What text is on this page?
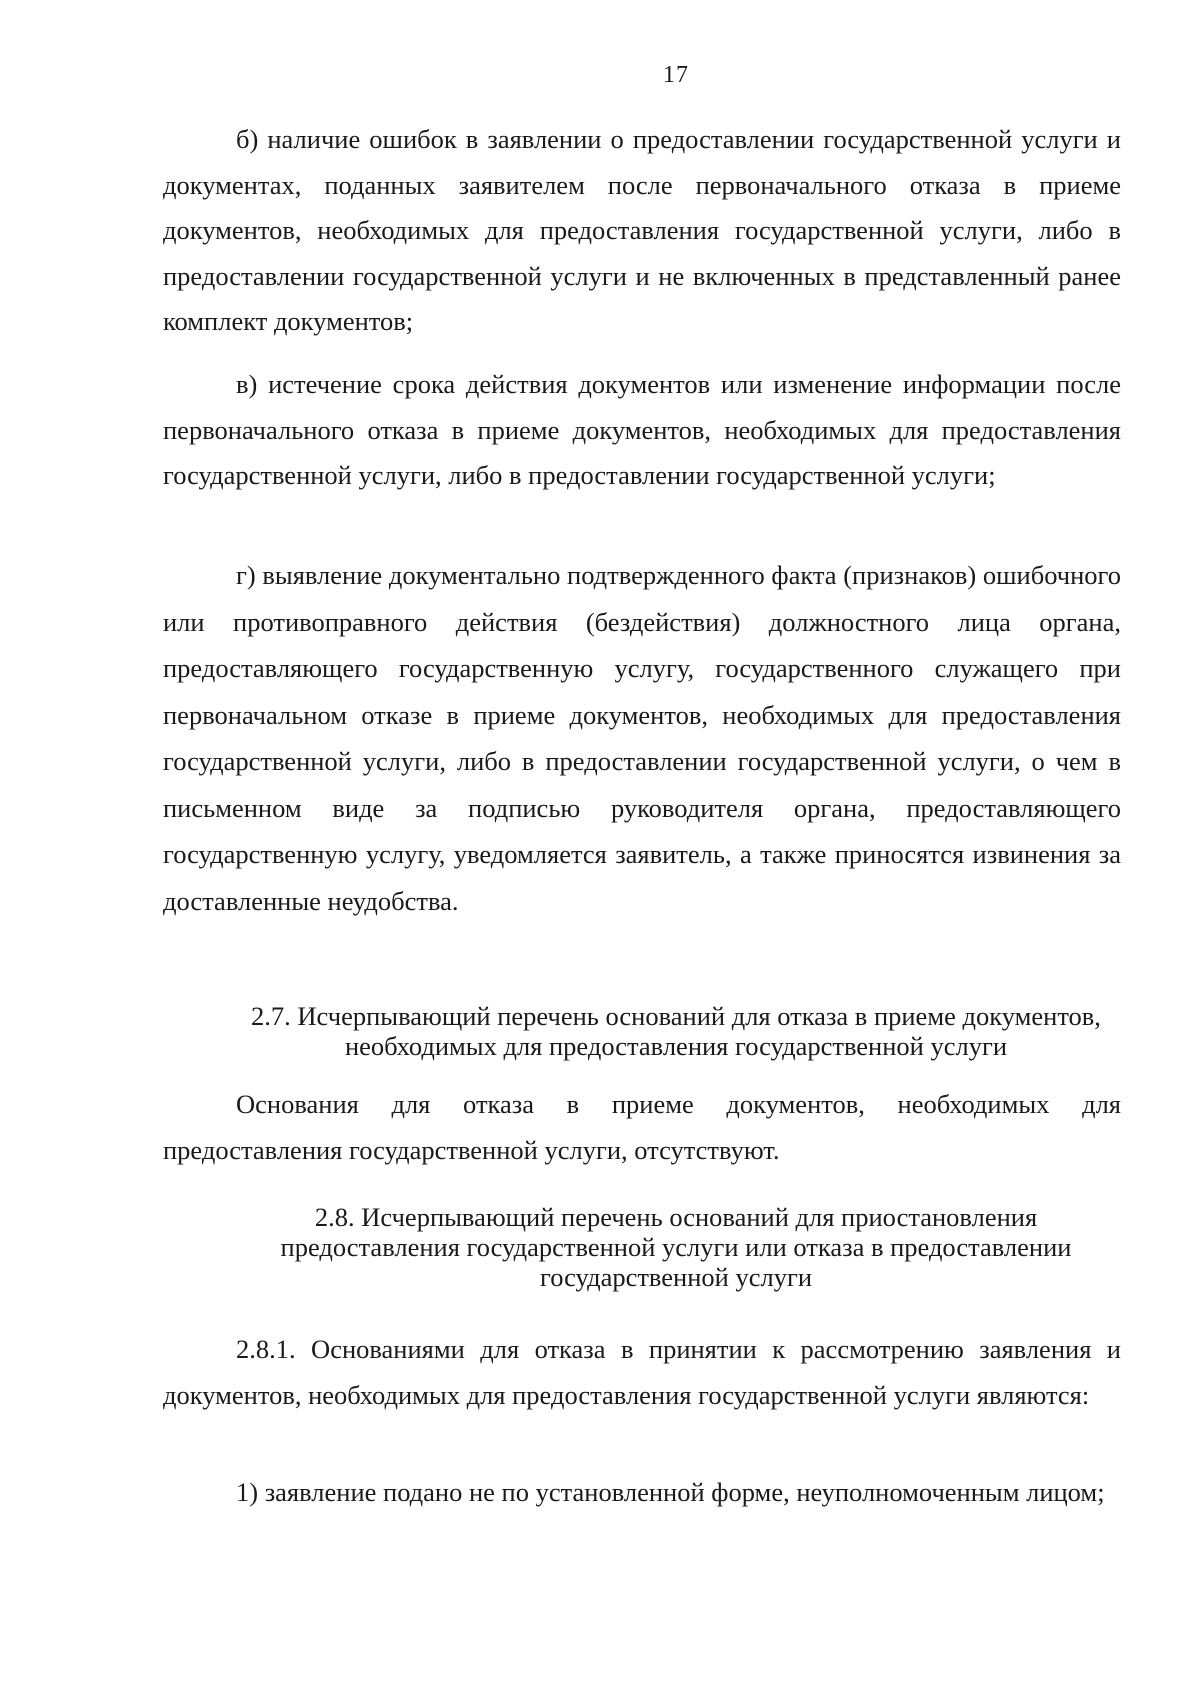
17

б) наличие ошибок в заявлении о предоставлении государственной услуги и документах, поданных заявителем после первоначального отказа в приеме документов, необходимых для предоставления государственной услуги, либо в предоставлении государственной услуги и не включенных в представленный ранее комплект документов;

в) истечение срока действия документов или изменение информации после первоначального отказа в приеме документов, необходимых для предоставления государственной услуги, либо в предоставлении государственной услуги;

г) выявление документально подтвержденного факта (признаков) ошибочного или противоправного действия (бездействия) должностного лица органа, предоставляющего государственную услугу, государственного служащего при первоначальном отказе в приеме документов, необходимых для предоставления государственной услуги, либо в предоставлении государственной услуги, о чем в письменном виде за подписью руководителя органа, предоставляющего государственную услугу, уведомляется заявитель, а также приносятся извинения за доставленные неудобства.

2.7. Исчерпывающий перечень оснований для отказа в приеме документов, необходимых для предоставления государственной услуги

Основания для отказа в приеме документов, необходимых для предоставления государственной услуги, отсутствуют.

2.8. Исчерпывающий перечень оснований для приостановления предоставления государственной услуги или отказа в предоставлении государственной услуги

2.8.1. Основаниями для отказа в принятии к рассмотрению заявления и документов, необходимых для предоставления государственной услуги являются:

1) заявление подано не по установленной форме, неуполномоченным лицом;
